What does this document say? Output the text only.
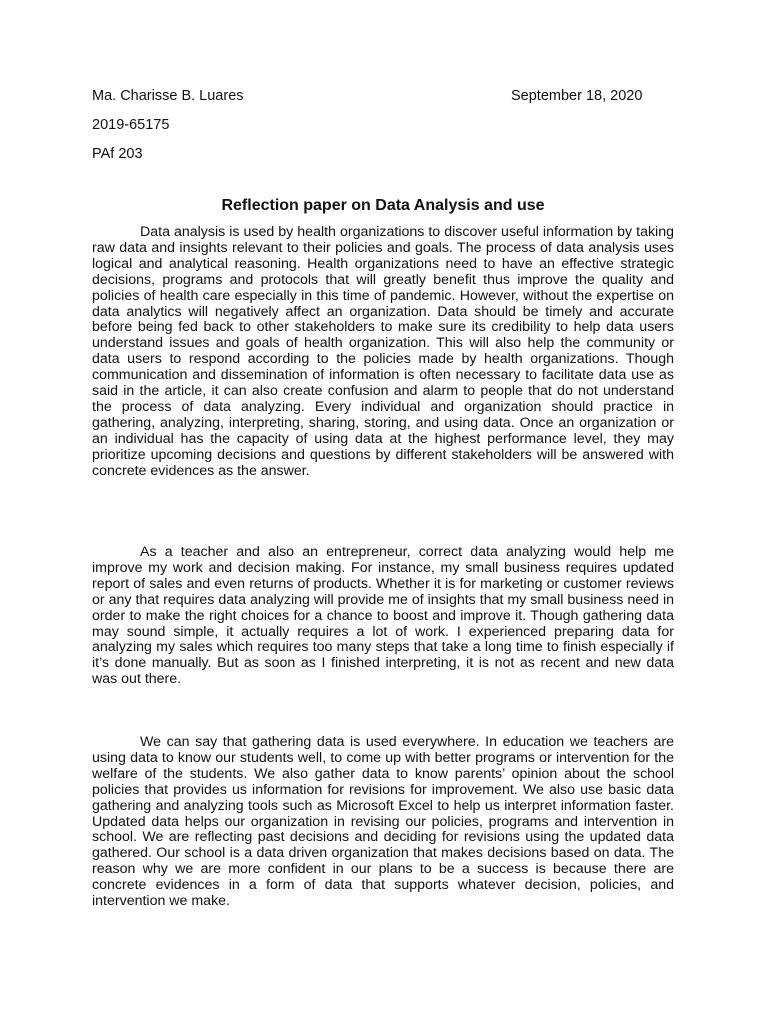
Ma. Charisse B. Luares	September 18, 2020
2019-65175
PAf 203
Reflection paper on Data Analysis and use

Data analysis is used by health organizations to discover useful information by taking raw data and insights relevant to their policies and goals. The process of data analysis uses logical and analytical reasoning. Health organizations need to have an effective strategic decisions, programs and protocols that will greatly benefit thus improve the quality and policies of health care especially in this time of pandemic. However, without the expertise on data analytics will negatively affect an organization. Data should be timely and accurate before being fed back to other stakeholders to make sure its credibility to help data users understand issues and goals of health organization. This will also help the community or data users to respond according to the policies made by health organizations. Though communication and dissemination of information is often necessary to facilitate data use as said in the article, it can also create confusion and alarm to people that do not understand the process of data analyzing. Every individual and organization should practice in gathering, analyzing, interpreting, sharing, storing, and using data. Once an organization or an individual has the capacity of using data at the highest performance level, they may prioritize upcoming decisions and questions by different stakeholders will be answered with concrete evidences as the answer.

As a teacher and also an entrepreneur, correct data analyzing would help me improve my work and decision making. For instance, my small business requires updated report of sales and even returns of products. Whether it is for marketing or customer reviews or any that requires data analyzing will provide me of insights that my small business need in order to make the right choices for a chance to boost and improve it. Though gathering data may sound simple, it actually requires a lot of work. I experienced preparing data for analyzing my sales which requires too many steps that take a long time to finish especially if it’s done manually. But as soon as I finished interpreting, it is not as recent and new data was out there.

We can say that gathering data is used everywhere. In education we teachers are using data to know our students well, to come up with better programs or intervention for the welfare of the students. We also gather data to know parents’ opinion about the school policies that provides us information for revisions for improvement. We also use basic data gathering and analyzing tools such as Microsoft Excel to help us interpret information faster. Updated data helps our organization in revising our policies, programs and intervention in school. We are reflecting past decisions and deciding for revisions using the updated data gathered. Our school is a data driven organization that makes decisions based on data. The reason why we are more confident in our plans to be a success is because there are concrete evidences in a form of data that supports whatever decision, policies, and intervention we make.
